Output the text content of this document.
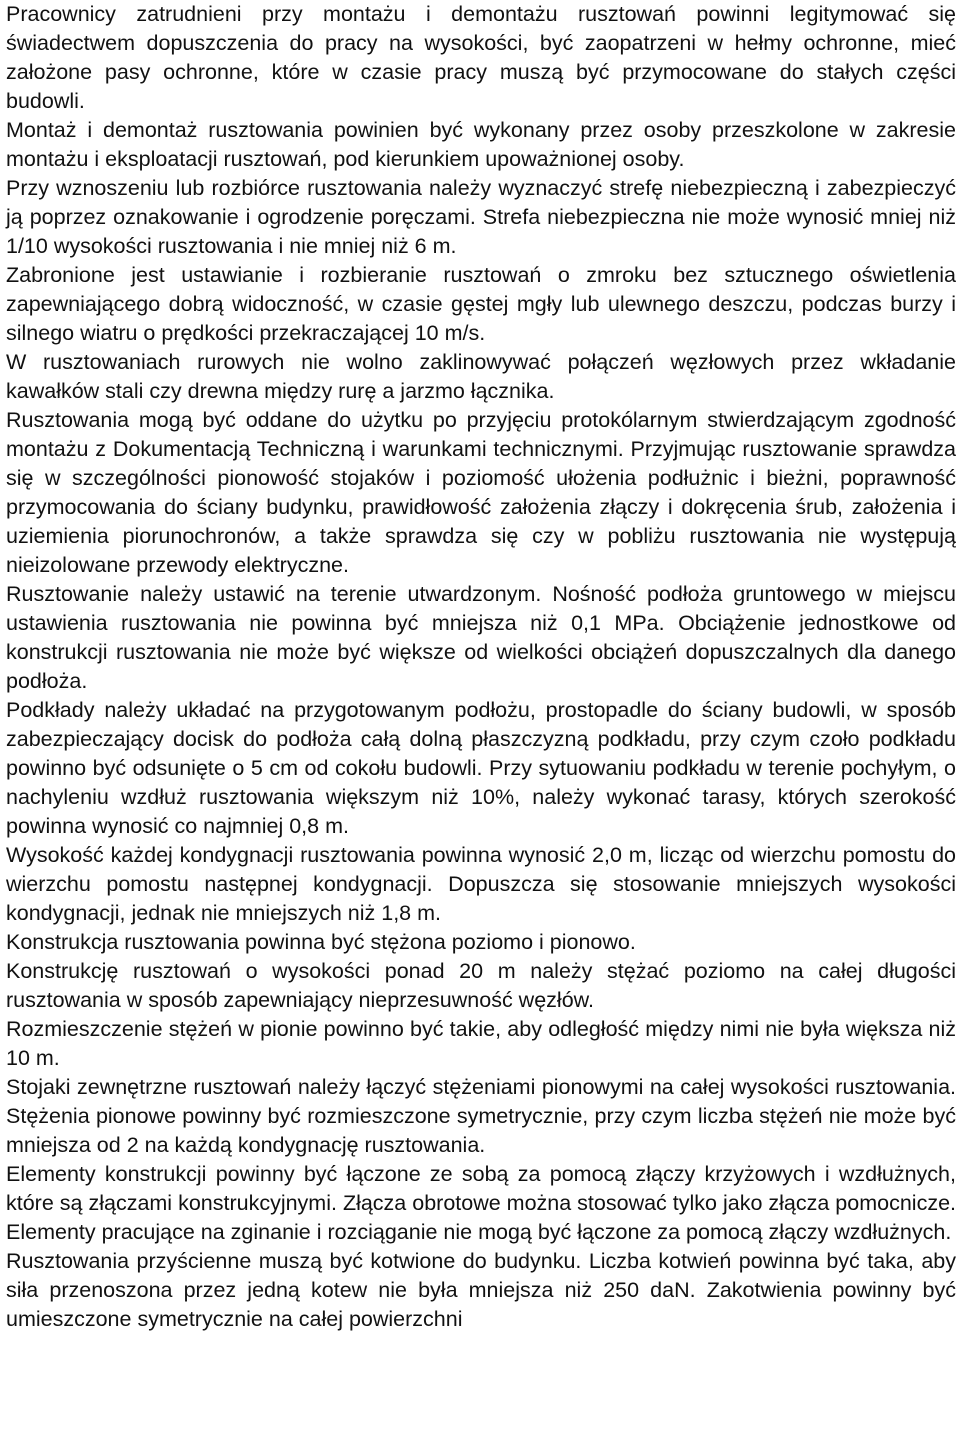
Pracownicy zatrudnieni przy montażu i demontażu rusztowań powinni legitymować się świadectwem dopuszczenia do pracy na wysokości, być zaopatrzeni w hełmy ochronne, mieć założone pasy ochronne, które w czasie pracy muszą być przymocowane do stałych części budowli.

Montaż i demontaż rusztowania powinien być wykonany przez osoby przeszkolone w zakresie montażu i eksploatacji rusztowań, pod kierunkiem upoważnionej osoby.

Przy wznoszeniu lub rozbiórce rusztowania należy wyznaczyć strefę niebezpieczną i zabezpieczyć ją poprzez oznakowanie i ogrodzenie poręczami. Strefa niebezpieczna nie może wynosić mniej niż 1/10 wysokości rusztowania i nie mniej niż 6 m.

Zabronione jest ustawianie i rozbieranie rusztowań o zmroku bez sztucznego oświetlenia zapewniającego dobrą widoczność, w czasie gęstej mgły lub ulewnego deszczu, podczas burzy i silnego wiatru o prędkości przekraczającej 10 m/s.

W rusztowaniach rurowych nie wolno zaklinowywać połączeń węzłowych przez wkładanie kawałków stali czy drewna między rurę a jarzmo łącznika.

Rusztowania mogą być oddane do użytku po przyjęciu protokólarnym stwierdzającym zgodność montażu z Dokumentacją Techniczną i warunkami technicznymi. Przyjmując rusztowanie sprawdza się w szczególności pionowość stojaków i poziomość ułożenia podłużnic i bieżni, poprawność przymocowania do ściany budynku, prawidłowość założenia złączy i dokręcenia śrub, założenia i uziemienia piorunochronów, a także sprawdza się czy w pobliżu rusztowania nie występują nieizolowane przewody elektryczne.

Rusztowanie należy ustawić na terenie utwardzonym. Nośność podłoża gruntowego w miejscu ustawienia rusztowania nie powinna być mniejsza niż 0,1 MPa. Obciążenie jednostkowe od konstrukcji rusztowania nie może być większe od wielkości obciążeń dopuszczalnych dla danego podłoża.

Podkłady należy układać na przygotowanym podłożu, prostopadle do ściany budowli, w sposób zabezpieczający docisk do podłoża całą dolną płaszczyzną podkładu, przy czym czoło podkładu powinno być odsunięte o 5 cm od cokołu budowli. Przy sytuowaniu podkładu w terenie pochyłym, o nachyleniu wzdłuż rusztowania większym niż 10%, należy wykonać tarasy, których szerokość powinna wynosić co najmniej 0,8 m.

Wysokość każdej kondygnacji rusztowania powinna wynosić 2,0 m, licząc od wierzchu pomostu do wierzchu pomostu następnej kondygnacji. Dopuszcza się stosowanie mniejszych wysokości kondygnacji, jednak nie mniejszych niż 1,8 m.

Konstrukcja rusztowania powinna być stężona poziomo i pionowo.

Konstrukcję rusztowań o wysokości ponad 20 m należy stężać poziomo na całej długości rusztowania w sposób zapewniający nieprzesuwność węzłów.

Rozmieszczenie stężeń w pionie powinno być takie, aby odległość między nimi nie była większa niż 10 m.

Stojaki zewnętrzne rusztowań należy łączyć stężeniami pionowymi na całej wysokości rusztowania. Stężenia pionowe powinny być rozmieszczone symetrycznie, przy czym liczba stężeń nie może być mniejsza od 2 na każdą kondygnację rusztowania.

Elementy konstrukcji powinny być łączone ze sobą za pomocą złączy krzyżowych i wzdłużnych, które są złączami konstrukcyjnymi. Złącza obrotowe można stosować tylko jako złącza pomocnicze. Elementy pracujące na zginanie i rozciąganie nie mogą być łączone za pomocą złączy wzdłużnych.

Rusztowania przyścienne muszą być kotwione do budynku. Liczba kotwień powinna być taka, aby siła przenoszona przez jedną kotew nie była mniejsza niż 250 daN. Zakotwienia powinny być umieszczone symetrycznie na całej powierzchni
